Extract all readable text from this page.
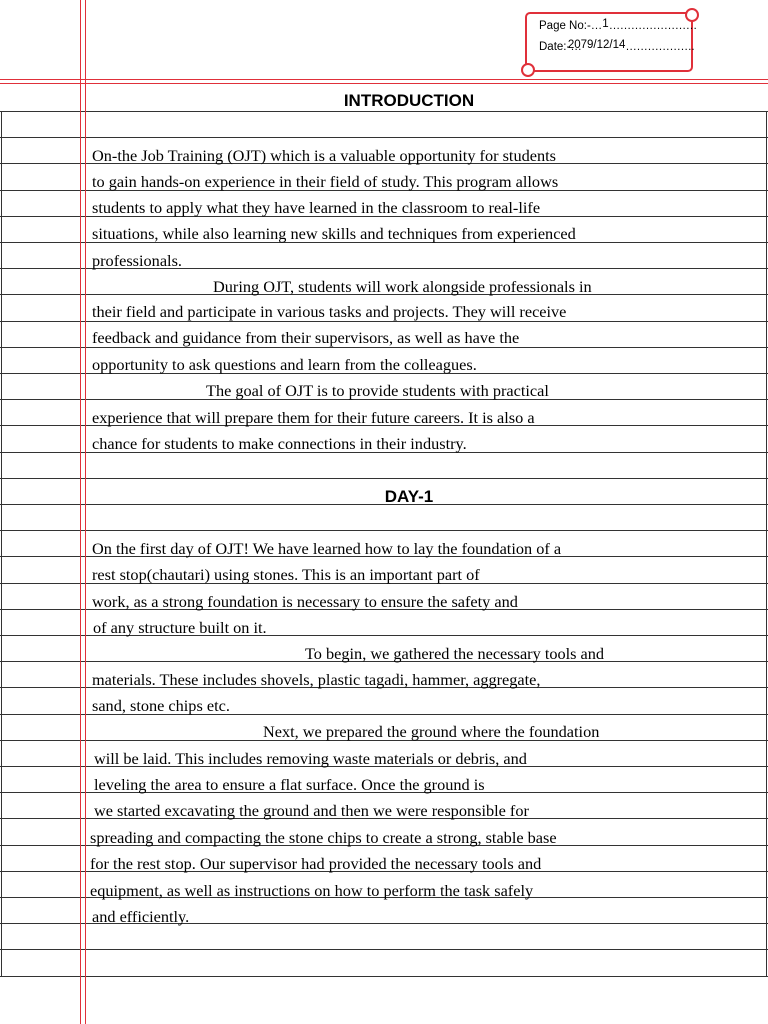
Page No:-…1……………………
Date:-…2079/12/14……………….
INTRODUCTION
On-the Job Training (OJT) which is a valuable opportunity for students
to gain hands-on experience in their field of study. This program allows
students to apply what they have learned in the classroom to real-life
situations, while also learning new skills and techniques from experienced
professionals.
During OJT, students will work alongside professionals in
their field and participate in various tasks and projects. They will receive
feedback and guidance from their supervisors, as well as have the
opportunity to ask questions and learn from the colleagues.
The goal of OJT is to provide students with practical
experience that will prepare them for their future careers. It is also a
chance for students to make connections in their industry.
DAY-1
On the first day of OJT! We have learned how to lay the foundation of a
rest stop(chautari) using stones. This is an important part of
work, as a strong foundation is necessary to ensure the safety and
of any structure built on it.
To begin, we gathered the necessary tools and
materials. These includes shovels, plastic tagadi, hammer, aggregate,
sand, stone chips etc.
Next, we prepared the ground where the foundation
will be laid. This includes removing waste materials or debris, and
leveling the area to ensure a flat surface. Once the ground is
we started excavating the ground and then we were responsible for
spreading and compacting the stone chips to create a strong, stable base
for the rest stop. Our supervisor had provided the necessary tools and
equipment, as well as instructions on how to perform the task safely
and efficiently.
